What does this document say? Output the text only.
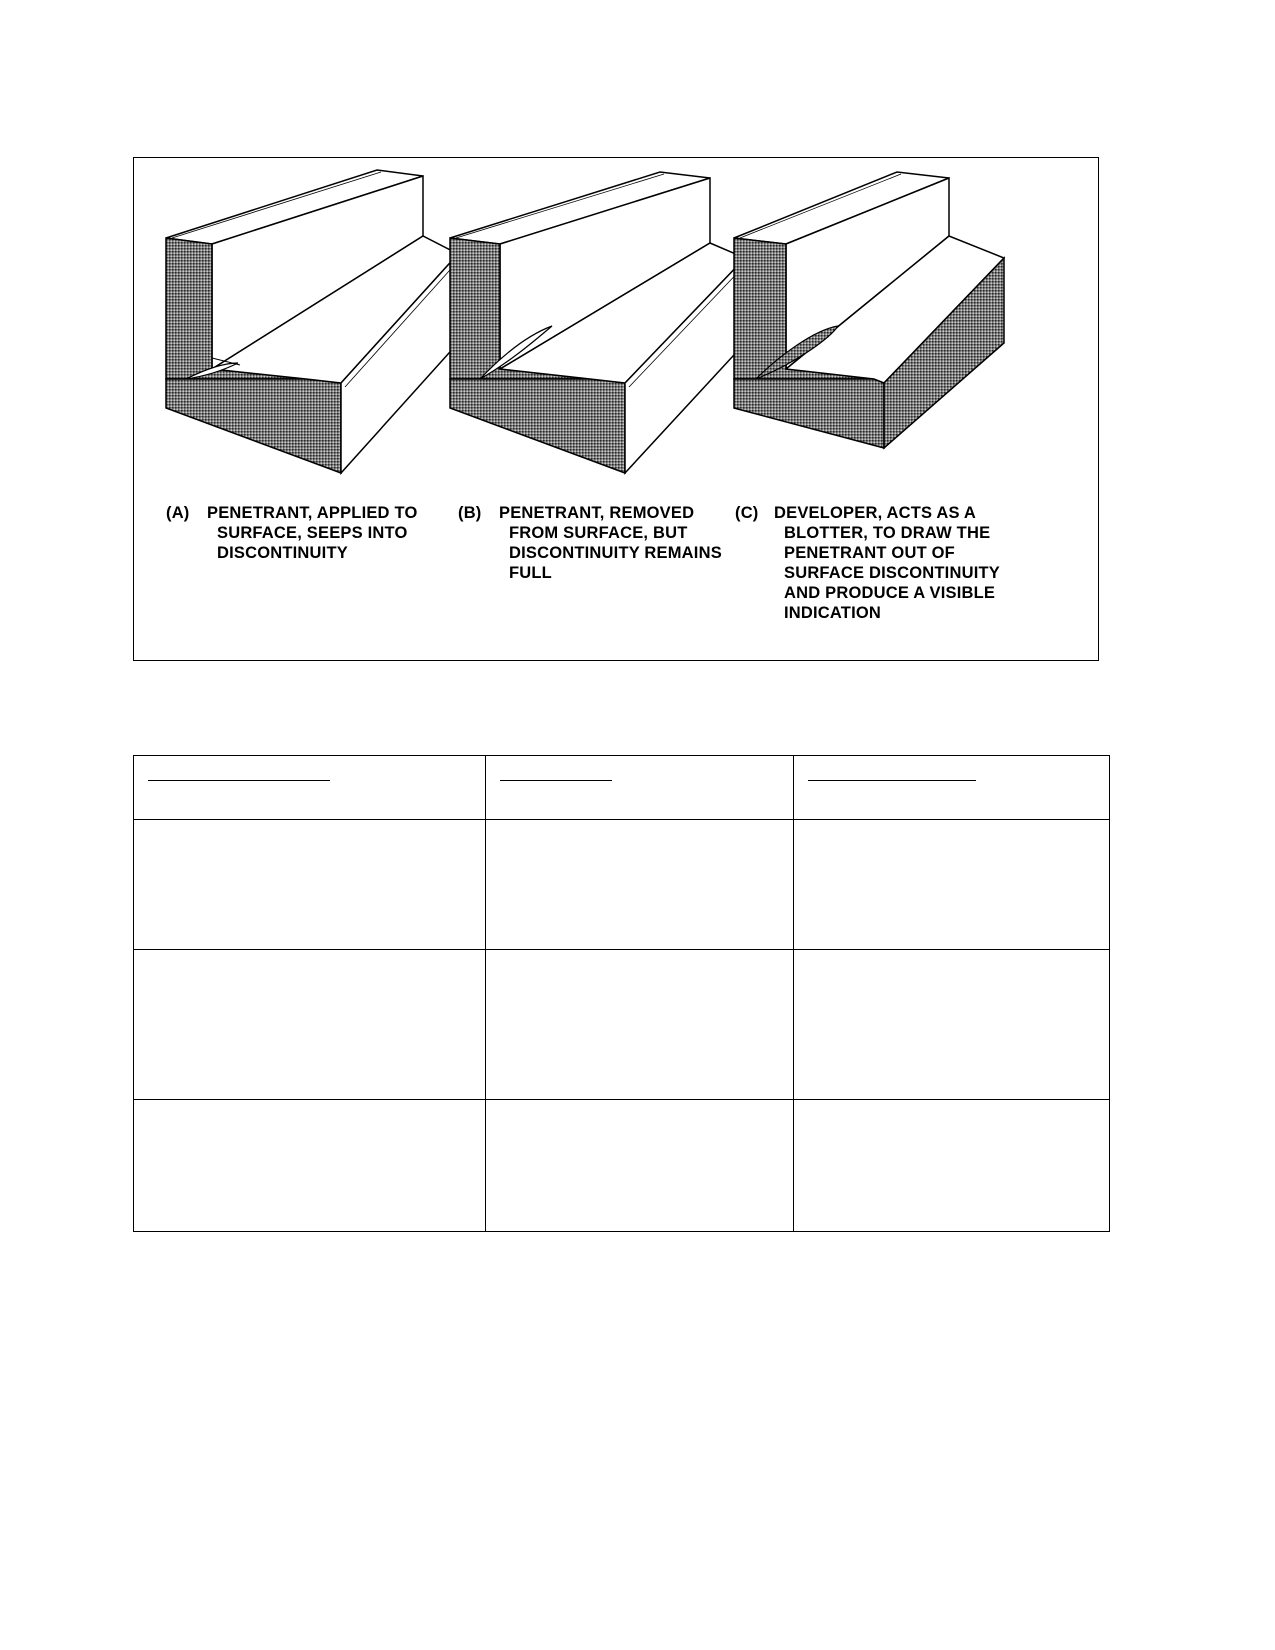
(A) PENETRANT, APPLIED TO
SURFACE, SEEPS INTO
DISCONTINUITY
(B) PENETRANT, REMOVED
FROM SURFACE, BUT
DISCONTINUITY REMAINS
FULL
(C) DEVELOPER, ACTS AS A
BLOTTER, TO DRAW THE
PENETRANT OUT OF
SURFACE DISCONTINUITY
AND PRODUCE A VISIBLE
INDICATION
